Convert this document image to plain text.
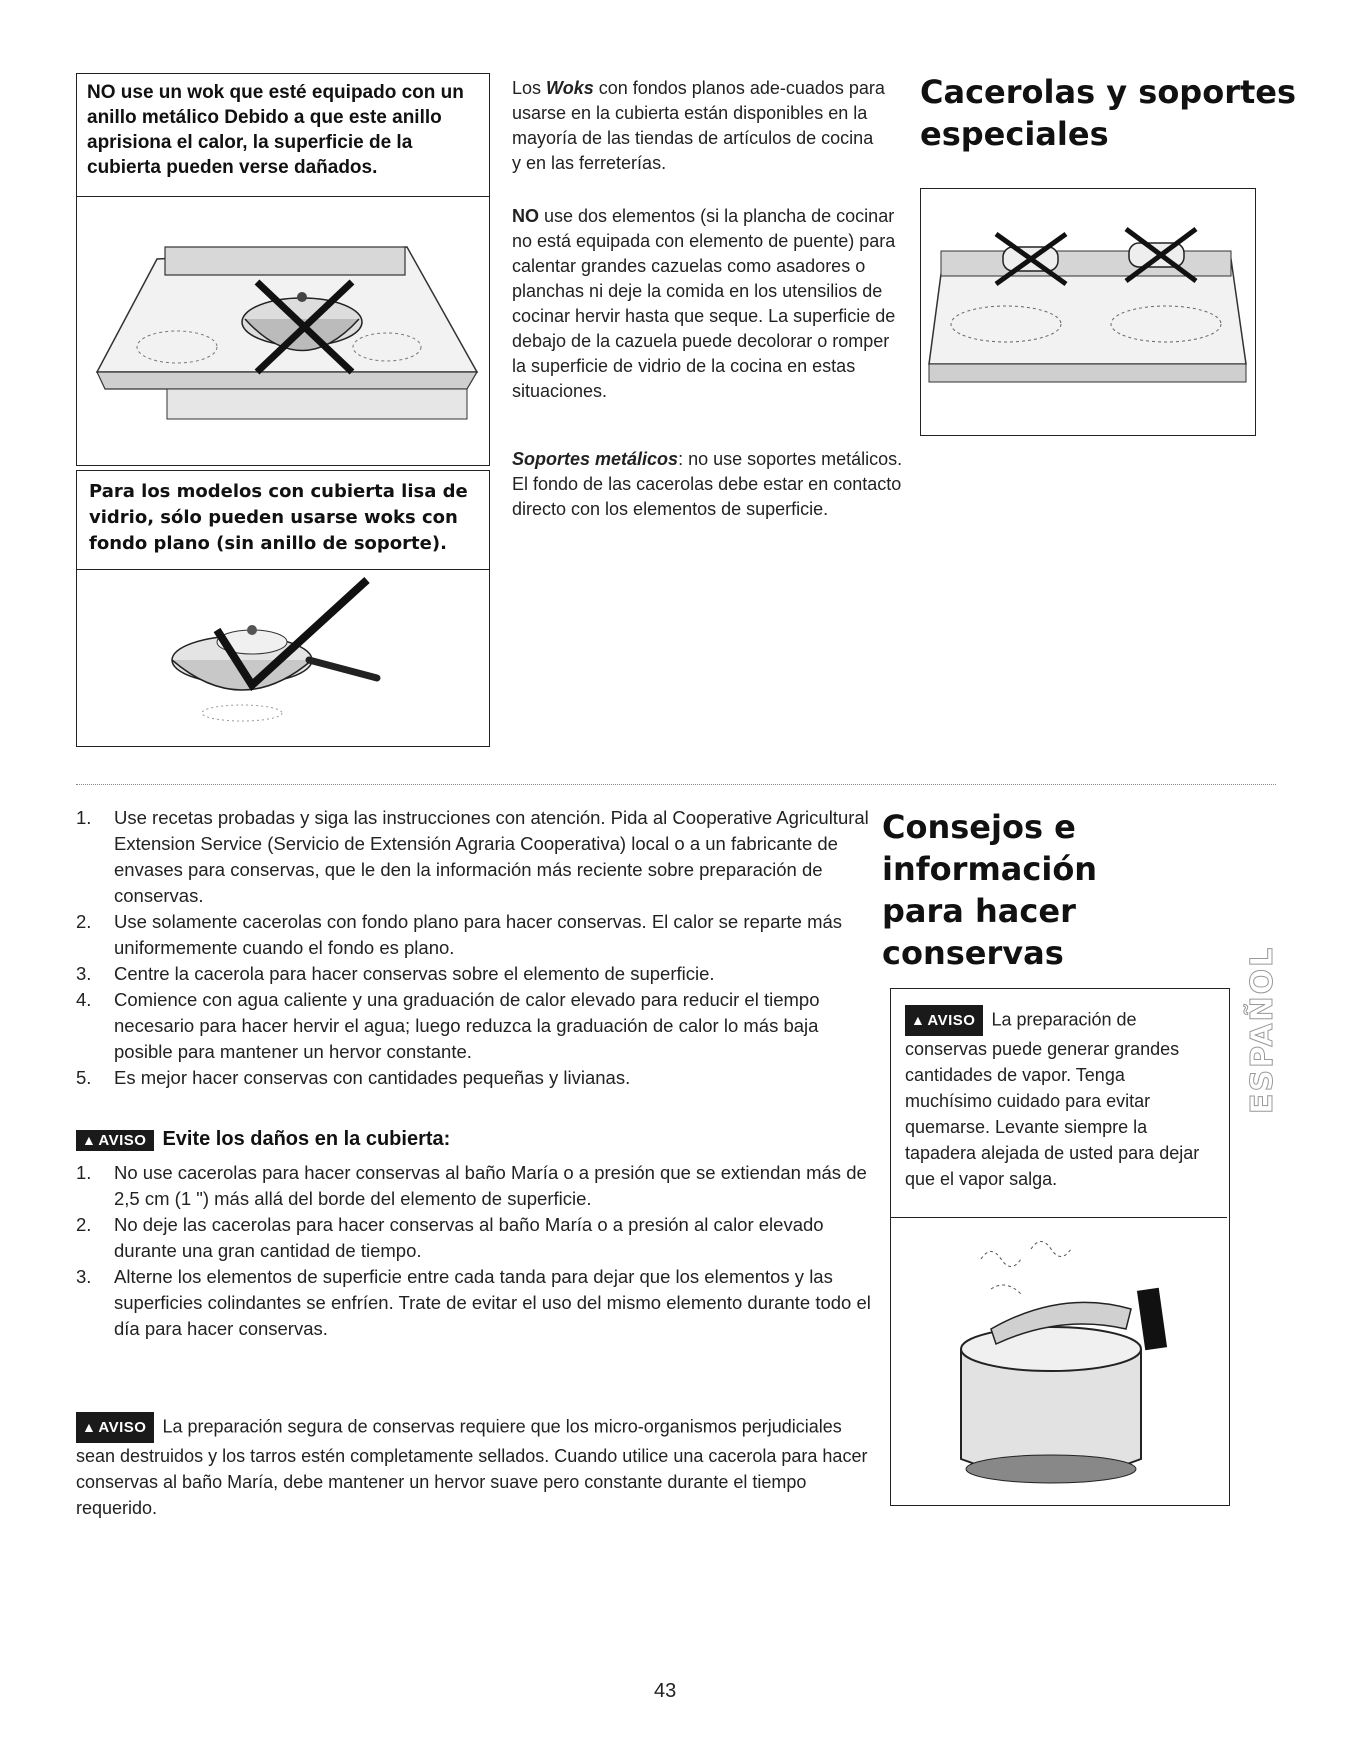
NO use un wok que esté equipado con un anillo metálico Debido a que este anillo aprisiona el calor, la superficie de la cubierta pueden verse dañados.
Para los modelos con cubierta lisa de vidrio, sólo pueden usarse woks con fondo plano (sin anillo de soporte).
Los Woks con fondos planos ade-cuados para usarse en la cubierta están disponibles en la mayoría de las tiendas de artículos de cocina y en las ferreterías.
NO use dos elementos (si la plancha de cocinar no está equipada con elemento de puente) para calentar grandes cazuelas como asadores o planchas ni deje la comida en los utensilios de cocinar hervir hasta que seque. La superficie de debajo de la cazuela puede decolorar o romper la superficie de vidrio de la cocina en estas situaciones.
Soportes metálicos: no use soportes metálicos. El fondo de las cacerolas debe estar en contacto directo con los elementos de superficie.
Cacerolas y soportes especiales
1. Use recetas probadas y siga las instrucciones con atención. Pida al Cooperative Agricultural Extension Service (Servicio de Extensión Agraria Cooperativa) local o a un fabricante de envases para conservas, que le den la información más reciente sobre preparación de conservas.
2. Use solamente cacerolas con fondo plano para hacer conservas. El calor se reparte más uniformemente cuando el fondo es plano.
3. Centre la cacerola para hacer conservas sobre el elemento de superficie.
4. Comience con agua caliente y una graduación de calor elevado para reducir el tiempo necesario para hacer hervir el agua; luego reduzca la graduación de calor lo más baja posible para mantener un hervor constante.
5. Es mejor hacer conservas con cantidades pequeñas y livianas.
▲ AVISO Evite los daños en la cubierta:
1. No use cacerolas para hacer conservas al baño María o a presión que se extiendan más de 2,5 cm (1 ") más allá del borde del elemento de superficie.
2. No deje las cacerolas para hacer conservas al baño María o a presión al calor elevado durante una gran cantidad de tiempo.
3. Alterne los elementos de superficie entre cada tanda para dejar que los elementos y las superficies colindantes se enfríen. Trate de evitar el uso del mismo elemento durante todo el día para hacer conservas.
▲ AVISO La preparación segura de conservas requiere que los micro-organismos perjudiciales sean destruidos y los tarros estén completamente sellados. Cuando utilice una cacerola para hacer conservas al baño María, debe mantener un hervor suave pero constante durante el tiempo requerido.
Consejos e información para hacer conservas
▲ AVISO La preparación de conservas puede generar grandes cantidades de vapor. Tenga muchísimo cuidado para evitar quemarse. Levante siempre la tapadera alejada de usted para dejar que el vapor salga.
ESPAÑOL
43
